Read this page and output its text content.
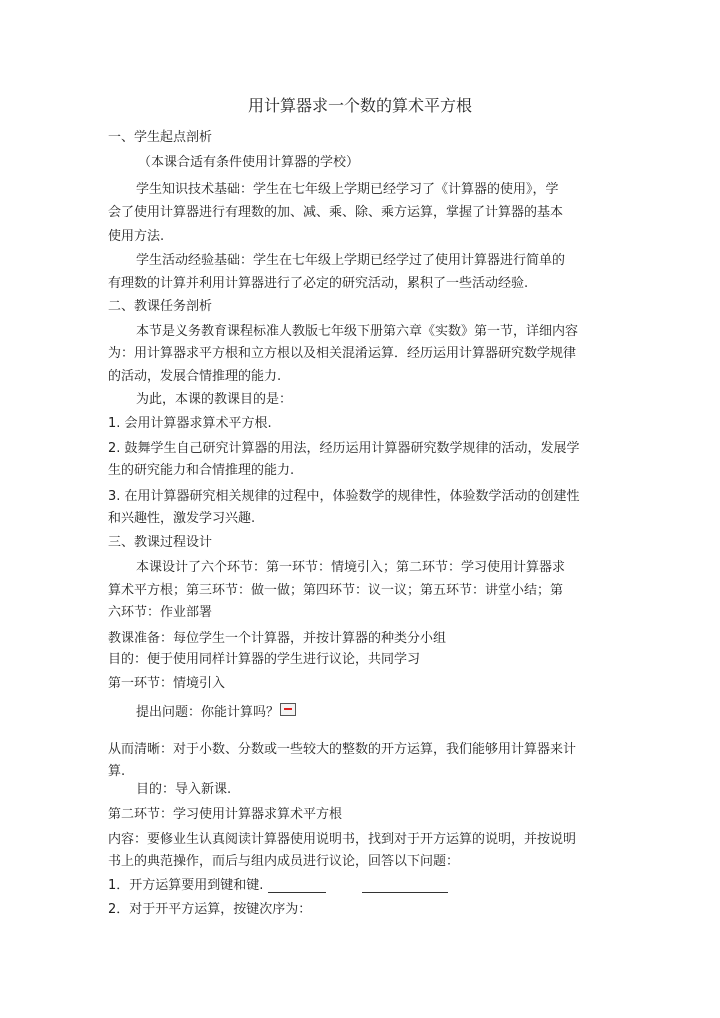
用计算器求一个数的算术平方根
一、学生起点剖析
（本课合适有条件使用计算器的学校）
学生知识技术基础：学生在七年级上学期已经学习了《计算器的使用》，学
会了使用计算器进行有理数的加、减、乘、除、乘方运算，掌握了计算器的基本
使用方法.
学生活动经验基础：学生在七年级上学期已经学过了使用计算器进行简单的
有理数的计算并利用计算器进行了必定的研究活动，累积了一些活动经验.
二、教课任务剖析
本节是义务教育课程标准人教版七年级下册第六章《实数》第一节，详细内容
为：用计算器求平方根和立方根以及相关混淆运算．经历运用计算器研究数学规律
的活动，发展合情推理的能力.
为此，本课的教课目的是：
1. 会用计算器求算术平方根.
2. 鼓舞学生自己研究计算器的用法，经历运用计算器研究数学规律的活动，发展学
生的研究能力和合情推理的能力.
3. 在用计算器研究相关规律的过程中，体验数学的规律性，体验数学活动的创建性
和兴趣性，激发学习兴趣.
三、教课过程设计
本课设计了六个环节：第一环节：情境引入；第二环节：学习使用计算器求
算术平方根；第三环节：做一做；第四环节：议一议；第五环节：讲堂小结；第
六环节：作业部署
教课准备：每位学生一个计算器，并按计算器的种类分小组
目的：便于使用同样计算器的学生进行议论，共同学习
第一环节：情境引入
提出问题：你能计算吗？
从而清晰：对于小数、分数或一些较大的整数的开方运算，我们能够用计算器来计
算.
目的：导入新课.
第二环节：学习使用计算器求算术平方根
内容：要修业生认真阅读计算器使用说明书，找到对于开方运算的说明，并按说明
书上的典范操作，而后与组内成员进行议论，回答以下问题：
1．开方运算要用到键和键.
2．对于开平方运算，按键次序为：
